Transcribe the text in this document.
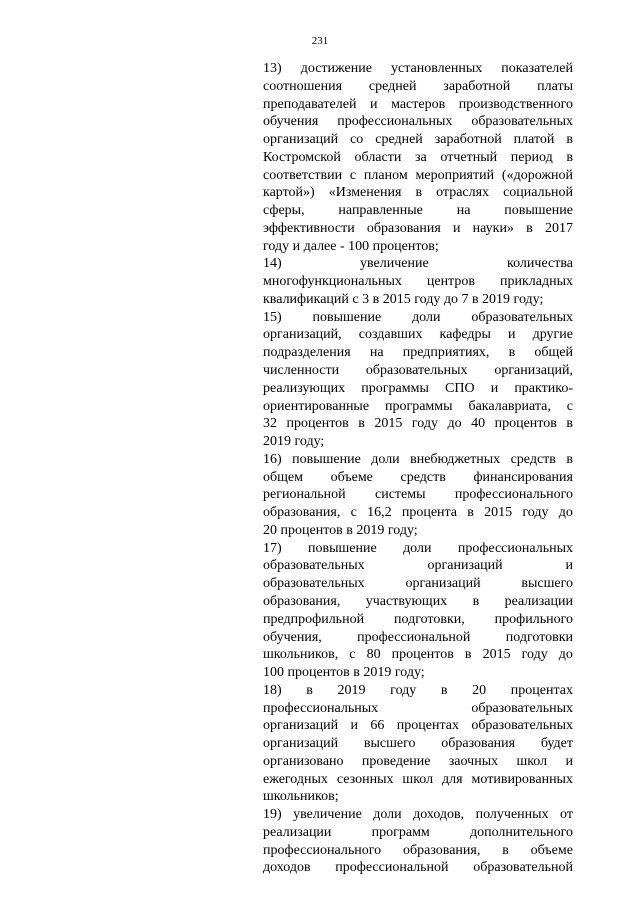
231
13) достижение установленных показателей
соотношения средней заработной платы
преподавателей и мастеров производственного
обучения профессиональных образовательных
организаций со средней заработной платой в
Костромской области за отчетный период в
соответствии с планом мероприятий («дорожной
картой») «Изменения в отраслях социальной
сферы, направленные на повышение
эффективности образования и науки» в 2017
году и далее - 100 процентов;
14)	увеличение	количества
многофункциональных центров прикладных
квалификаций с 3 в 2015 году до 7 в 2019 году;
15) повышение доли образовательных
организаций, создавших кафедры и другие
подразделения на предприятиях, в общей
численности образовательных организаций,
реализующих программы СПО и практико-
ориентированные программы бакалавриата, с
32 процентов в 2015 году до 40 процентов в
2019 году;
16) повышение доли внебюджетных средств в
общем объеме средств финансирования
региональной системы профессионального
образования, с 16,2 процента в 2015 году до
20 процентов в 2019 году;
17) повышение доли профессиональных
образовательных	организаций	и
образовательных	организаций	высшего
образования, участвующих в реализации
предпрофильной подготовки, профильного
обучения,	профессиональной	подготовки
школьников, с 80 процентов в 2015 году до
100 процентов в 2019 году;
18) в 2019 году в 20 процентах
профессиональных	образовательных
организаций и 66 процентах образовательных
организаций высшего образования будет
организовано проведение заочных школ и
ежегодных сезонных школ для мотивированных
школьников;
19) увеличение доли доходов, полученных от
реализации	программ	дополнительного
профессионального образования, в объеме
доходов профессиональной образовательной
